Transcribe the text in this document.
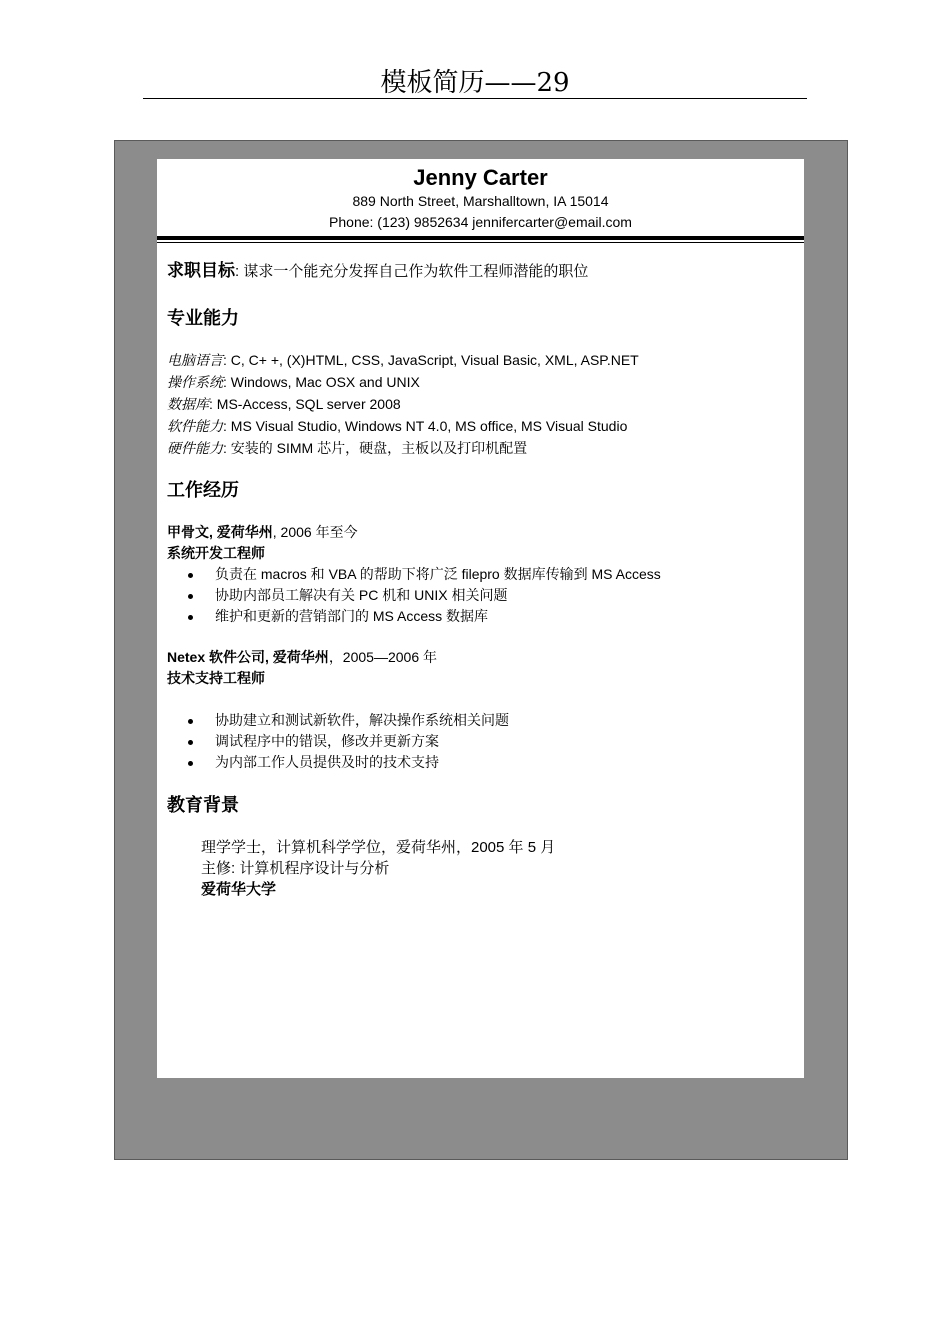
模板简历——29
Jenny Carter
889 North Street, Marshalltown, IA 15014
Phone: (123) 9852634 jennifercarter@email.com
求职目标: 谋求一个能充分发挥自己作为软件工程师潜能的职位
专业能力
电脑语言: C, C+ +, (X)HTML, CSS, JavaScript, Visual Basic, XML, ASP.NET
操作系统: Windows, Mac OSX and UNIX
数据库: MS-Access, SQL server 2008
软件能力: MS Visual Studio, Windows NT 4.0, MS office, MS Visual Studio
硬件能力: 安装的 SIMM 芯片，硬盘，主板以及打印机配置
工作经历
甲骨文, 爱荷华州, 2006 年至今
系统开发工程师
负责在 macros 和 VBA 的帮助下将广泛 filepro 数据库传输到 MS Access
协助内部员工解决有关 PC 机和 UNIX 相关问题
维护和更新的营销部门的 MS Access 数据库
Netex 软件公司, 爱荷华州，2005—2006 年
技术支持工程师
协助建立和测试新软件，解决操作系统相关问题
调试程序中的错误，修改并更新方案
为内部工作人员提供及时的技术支持
教育背景
理学学士，计算机科学学位，爱荷华州，2005 年 5 月
主修: 计算机程序设计与分析
爱荷华大学
